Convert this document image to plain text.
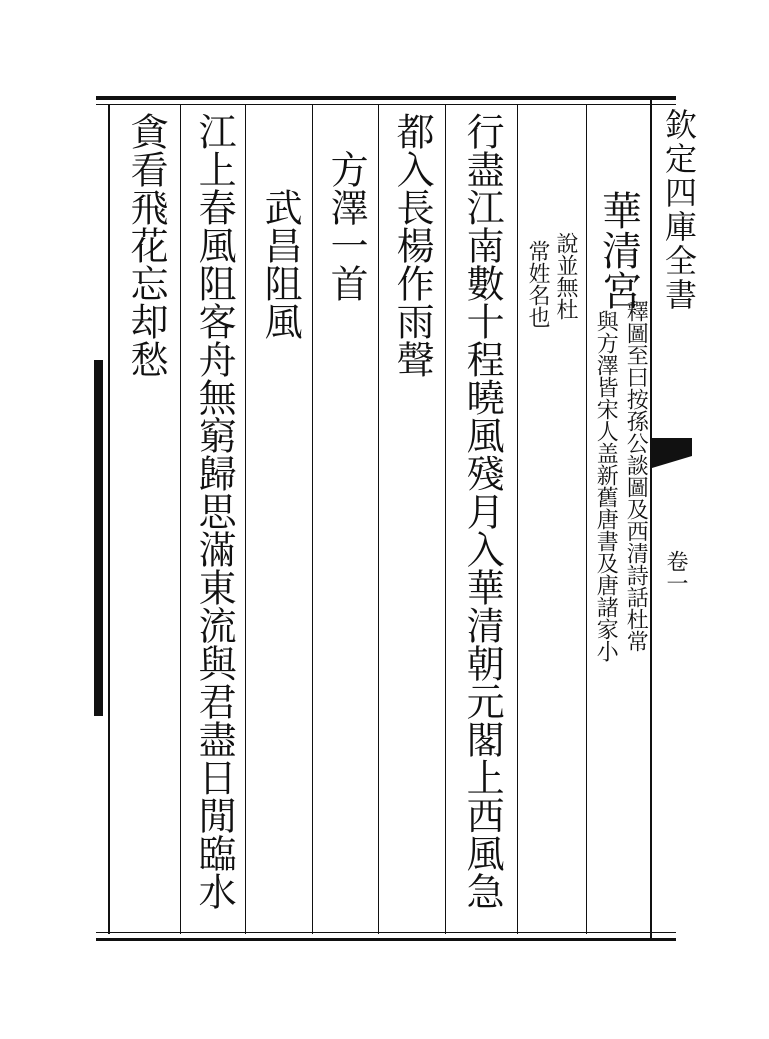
華清宮
釋圖至曰按孫公談圖及西清詩話杜常
與方澤皆宋人盖新舊唐書及唐諸家小
說並無杜
常姓名也
行盡江南數十程曉風殘月入華清朝元閣上西風急
都入長楊作雨聲
方澤一首
武昌阻風
江上春風阻客舟無窮歸思滿東流與君盡日閒臨水
貪看飛花忘却愁	欽定四庫全書
卷一
